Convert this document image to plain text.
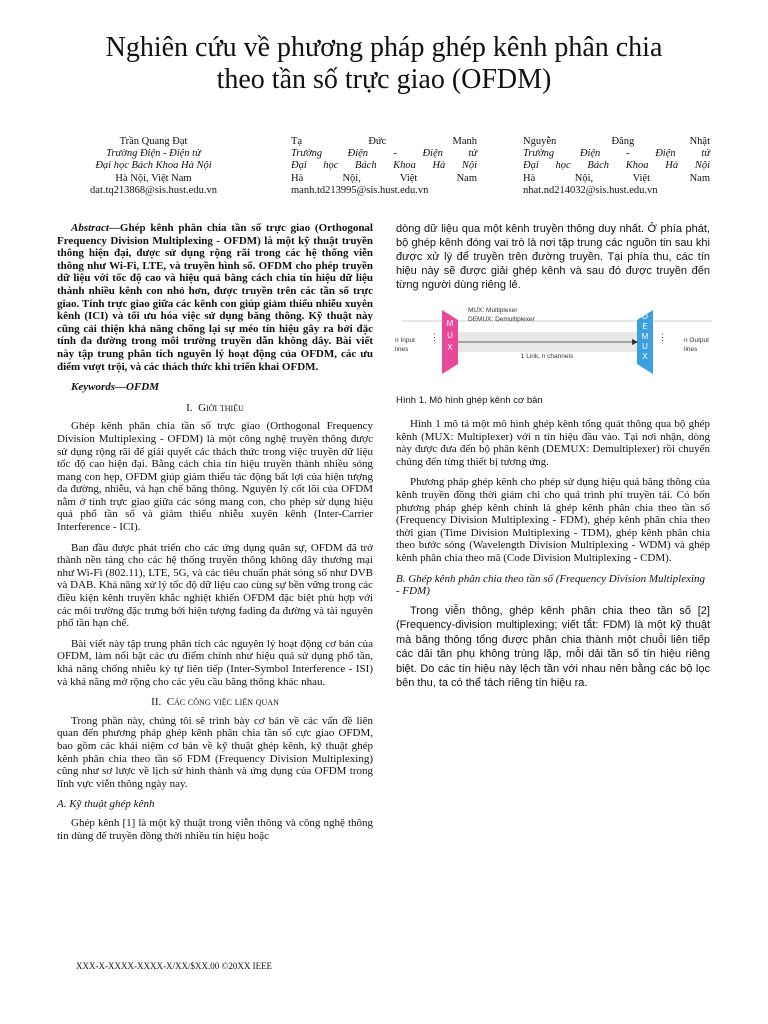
Nghiên cứu về phương pháp ghép kênh phân chia
theo tần số trực giao (OFDM)
Trần Quang Đạt
Trường Điện - Điện tử
Đại học Bách Khoa Hà Nội
Hà Nội, Việt Nam
dat.tq213868@sis.hust.edu.vn
Tạ Đức Manh
Trường Điện - Điện tử
Đại học Bách Khoa Hà Nội
Hà Nội, Việt Nam
manh.td213995@sis.hust.edu.vn
Nguyễn Đăng Nhật
Trường Điện - Điện tử
Đại học Bách Khoa Hà Nội
Hà Nội, Việt Nam
nhat.nd214032@sis.hust.edu.vn

Abstract—Ghép kênh phân chia tần số trực giao (Orthogonal Frequency Division Multiplexing - OFDM) là một kỹ thuật truyền thông hiện đại, được sử dụng rộng rãi trong các hệ thống viễn thông như Wi-Fi, LTE, và truyền hình số. OFDM cho phép truyền dữ liệu với tốc độ cao và hiệu quả bằng cách chia tín hiệu dữ liệu thành nhiều kênh con nhỏ hơn, được truyền trên các tần số trực giao. Tính trực giao giữa các kênh con giúp giảm thiểu nhiễu xuyên kênh (ICI) và tối ưu hóa việc sử dụng băng thông. Kỹ thuật này cũng cải thiện khả năng chống lại sự méo tín hiệu gây ra bởi đặc tính đa đường trong môi trường truyền dẫn không dây. Bài viết này tập trung phân tích nguyên lý hoạt động của OFDM, các ưu điểm vượt trội, và các thách thức khi triển khai OFDM.

Keywords—OFDM

I. Giới thiệu

Ghép kênh phân chia tần số trực giao (Orthogonal Frequency Division Multiplexing - OFDM) là một công nghệ truyền thông được sử dụng rộng rãi để giải quyết các thách thức trong việc truyền dữ liệu tốc độ cao hiện đại. Bằng cách chia tín hiệu truyền thành nhiều sóng mang con hẹp, OFDM giúp giảm thiểu tác động bất lợi của hiện tượng đa đường, nhiễu, và hạn chế băng thông. Nguyên lý cốt lõi của OFDM nằm ở tính trực giao giữa các sóng mang con, cho phép sử dụng hiệu quả phổ tần số và giảm thiểu nhiễu xuyên kênh (Inter-Carrier Interference - ICI).

Ban đầu được phát triển cho các ứng dụng quân sự, OFDM đã trở thành nền tảng cho các hệ thống truyền thông không dây thương mại như Wi-Fi (802.11), LTE, 5G, và các tiêu chuẩn phát sóng số như DVB và DAB. Khả năng xử lý tốc độ dữ liệu cao cùng sự bền vững trong các điều kiện kênh truyền khắc nghiệt khiến OFDM đặc biệt phù hợp với các môi trường đặc trưng bởi hiện tượng fading đa đường và tài nguyên phổ tần hạn chế.

Bài viết này tập trung phân tích các nguyên lý hoạt động cơ bản của OFDM, làm nổi bật các ưu điểm chính như hiệu quả sử dụng phổ tần, khả năng chống nhiễu ký tự liên tiếp (Inter-Symbol Interference - ISI) và khả năng mở rộng cho các yêu cầu băng thông khác nhau.

II. Các công việc liên quan

Trong phần này, chúng tôi sẽ trình bày cơ bản về các vấn đề liên quan đến phương pháp ghép kênh phân chia tần số cực giao OFDM, bao gồm các khái niệm cơ bản về kỹ thuật ghép kênh, kỹ thuật ghép kênh phân chia theo tần số FDM (Frequency Division Multiplexing) cũng như sơ lược về lịch sử hình thành và ứng dụng của OFDM trong lĩnh vực viễn thông ngày nay.

A. Kỹ thuật ghép kênh

Ghép kênh [1] là một kỹ thuật trong viễn thông và công nghệ thông tin dùng để truyền đồng thời nhiều tín hiệu hoặc

dòng dữ liệu qua một kênh truyền thông duy nhất. Ở phía phát, bộ ghép kênh đóng vai trò là nơi tập trung các nguồn tin sau khi được xử lý để truyền trên đường truyền. Tại phía thu, các tín hiệu này sẽ được giải ghép kênh và sau đó được truyền đến từng người dùng riêng lẻ.

MUX: Multiplexer
DEMUX: Demultiplexer
M
U
X
D
E
M
U
X
n Input
lines
⋮	⋮	n Output
lines
1 Link, n channels
Hình 1. Mô hình ghép kênh cơ bản

Hình 1 mô tả một mô hình ghép kênh tổng quát thông qua bộ ghép kênh (MUX: Multiplexer) với n tín hiệu đầu vào. Tại nơi nhận, dòng này được đưa đến bộ phân kênh (DEMUX: Demultiplexer) rồi chuyển chúng đến từng thiết bị tương ứng.

Phương pháp ghép kênh cho phép sử dụng hiệu quả băng thông của kênh truyền đồng thời giảm chi cho quá trình phí truyền tải. Có bốn phương pháp ghép kênh chính là ghép kênh phân chia theo tần số (Frequency Division Multiplexing - FDM), ghép kênh phân chia theo thời gian (Time Division Multiplexing - TDM), ghép kênh phân chia theo bước sóng (Wavelength Division Multiplexing - WDM) và ghép kênh phân chia theo mã (Code Division Multiplexing - CDM).

B. Ghép kênh phân chia theo tần số (Frequency Division Multiplexing - FDM)

Trong viễn thông, ghép kênh phân chia theo tần số [2] (Frequency-division multiplexing; viết tắt: FDM) là một kỹ thuật mà băng thông tổng được phân chia thành một chuỗi liên tiếp các dải tần phụ không trùng lặp, mỗi dải tần số tín hiệu riêng biệt. Do các tín hiệu này lệch tần với nhau nên bằng các bộ lọc bên thu, ta có thể tách riêng tín hiệu ra.

XXX-X-XXXX-XXXX-X/XX/$XX.00 ©20XX IEEE
